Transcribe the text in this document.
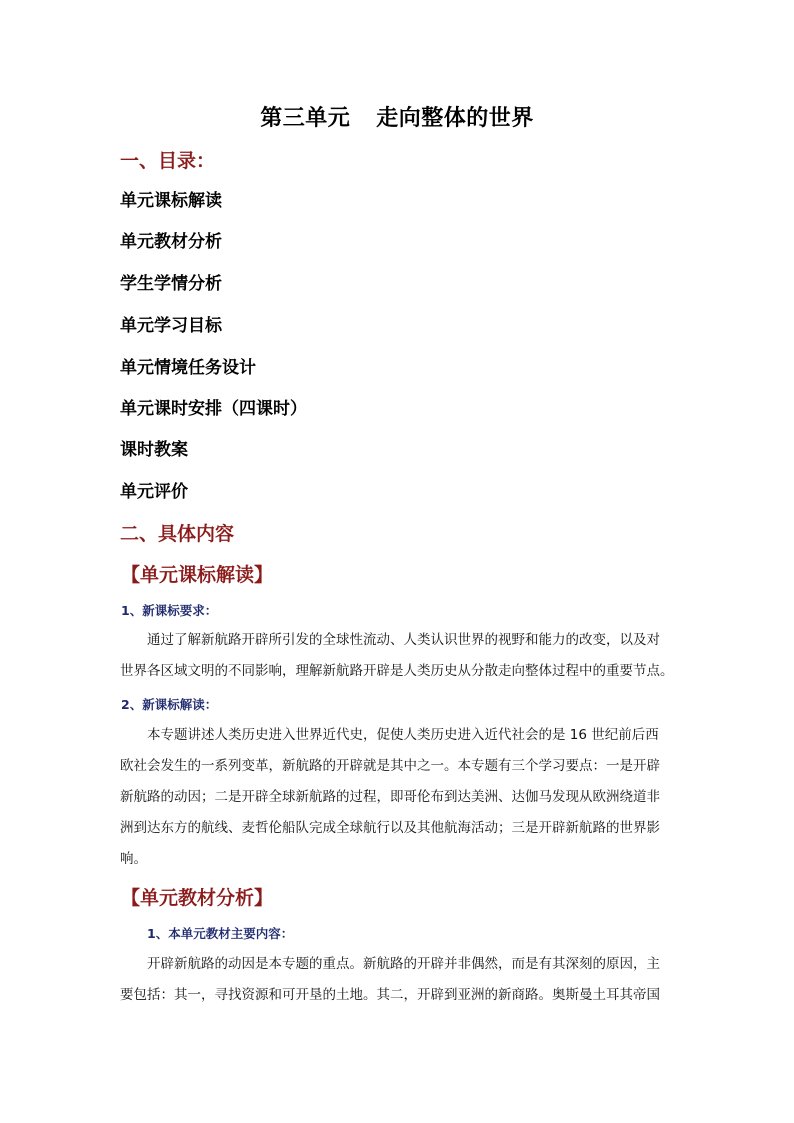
第三单元 走向整体的世界
一、目录：
单元课标解读
单元教材分析
学生学情分析
单元学习目标
单元情境任务设计
单元课时安排（四课时）
课时教案
单元评价
二、具体内容
【单元课标解读】
1、新课标要求：
通过了解新航路开辟所引发的全球性流动、人类认识世界的视野和能力的改变，以及对
世界各区域文明的不同影响，理解新航路开辟是人类历史从分散走向整体过程中的重要节点。
2、新课标解读：
本专题讲述人类历史进入世界近代史，促使人类历史进入近代社会的是 16 世纪前后西
欧社会发生的一系列变革，新航路的开辟就是其中之一。本专题有三个学习要点：一是开辟
新航路的动因；二是开辟全球新航路的过程，即哥伦布到达美洲、达伽马发现从欧洲绕道非
洲到达东方的航线、麦哲伦船队完成全球航行以及其他航海活动；三是开辟新航路的世界影
响。
【单元教材分析】
1、本单元教材主要内容：
开辟新航路的动因是本专题的重点。新航路的开辟并非偶然，而是有其深刻的原因，主
要包括：其一，寻找资源和可开垦的土地。其二，开辟到亚洲的新商路。奥斯曼土耳其帝国
